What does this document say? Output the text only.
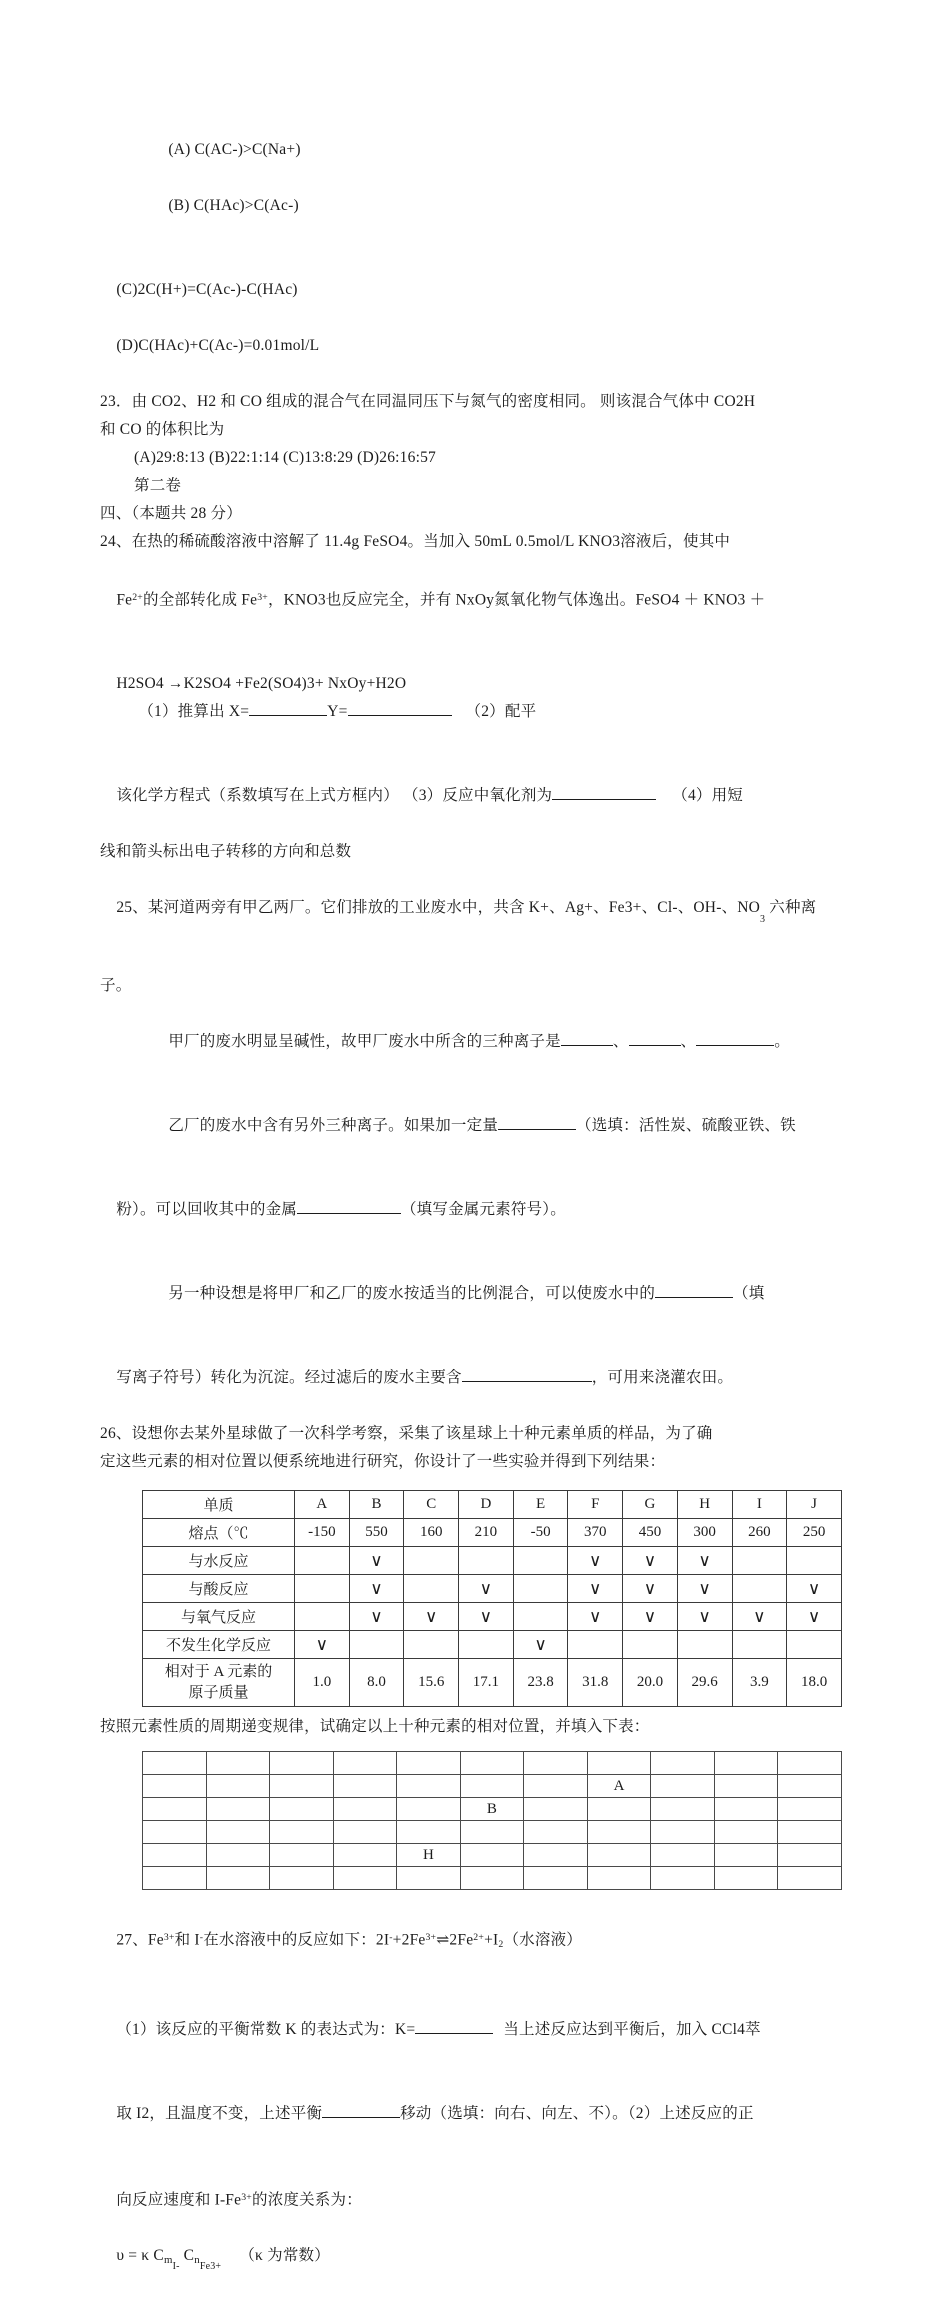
(A) C(AC-)>C(Na+)

(B) C(HAc)>C(Ac-)

(C)2C(H+)=C(Ac-)-C(HAc)

(D)C(HAc)+C(Ac-)=0.01mol/L

23．由 CO2、H2 和 CO 组成的混合气在同温同压下与氮气的密度相同。 则该混合气体中 CO2H
和 CO 的体积比为
(A)29:8:13 (B)22:1:14 (C)13:8:29 (D)26:16:57
第二卷
四、（本题共 28 分）
24、在热的稀硫酸溶液中溶解了 11.4g FeSO4。当加入 50mL 0.5mol/L KNO3溶液后，使其中

$Fe^{2+}$的全部转化成 $Fe^{3+}$，KNO3也反应完全，并有 NxOy氮氧化物气体逸出。FeSO4 ＋ KNO3 ＋

H2SO4 →K2SO4 +Fe2(SO4)3+ NxOy+H2O
（1）推算出 X=	Y=	（2）配平

该化学方程式（系数填写在上式方框内） （3）反应中氧化剂为	（4）用短

线和箭头标出电子转移的方向和总数

25、某河道两旁有甲乙两厂。它们排放的工业废水中，共含 K+、Ag+、Fe3+、Cl-、OH-、NO3六种离

子。

甲厂的废水明显呈碱性，故甲厂废水中所含的三种离子是	、	、	。

乙厂的废水中含有另外三种离子。如果加一定量	（选填：活性炭、硫酸亚铁、铁

粉）。可以回收其中的金属	（填写金属元素符号）。

另一种设想是将甲厂和乙厂的废水按适当的比例混合，可以使废水中的	（填

写离子符号）转化为沉淀。经过滤后的废水主要含	，可用来浇灌农田。

26、设想你去某外星球做了一次科学考察，采集了该星球上十种元素单质的样品，为了确
定这些元素的相对位置以便系统地进行研究，你设计了一些实验并得到下列结果：
单质	A	B	C	D	E	F	G	H	I	J
熔点（℃	-150	550	160	210	-50	370	450	300	260	250
与水反应		∨				∨	∨	∨		
与酸反应		∨		∨		∨	∨	∨		∨
与氧气反应		∨	∨	∨		∨	∨	∨	∨	∨
不发生化学反应	∨				∨					
相对于 A 元素的
原子质量	1.0	8.0	15.6	17.1	23.8	31.8	20.0	29.6	3.9	18.0
按照元素性质的周期递变规律，试确定以上十种元素的相对位置，并填入下表：

							A			
					B					

				H						

27、$Fe^{3+}$和 I-在水溶液中的反应如下：$2I^-+2Fe^{3+}\rightleftharpoons 2Fe^{2+}+I_2$（水溶液）

（1）该反应的平衡常数 K 的表达式为：K=	当上述反应达到平衡后，加入 CCl4萃

取 I2，且温度不变，上述平衡	移动（选填：向右、向左、不）。（2）上述反应的正

向反应速度和 $I-Fe^{3+}$的浓度关系为：

υ = κ $C_mI-C_nFe3+ (\kappa$ 为常数）
